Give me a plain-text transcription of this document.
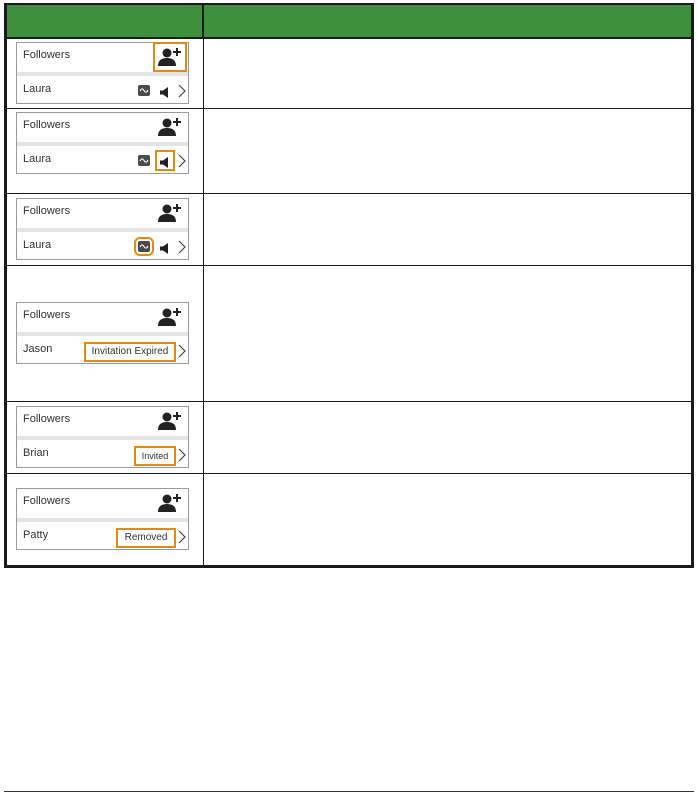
Followers
Laura	

Followers
Laura	

Followers
Laura	

Followers
Jason Invitation Expired	

Followers
Brian Invited	

Followers
Patty Removed	
